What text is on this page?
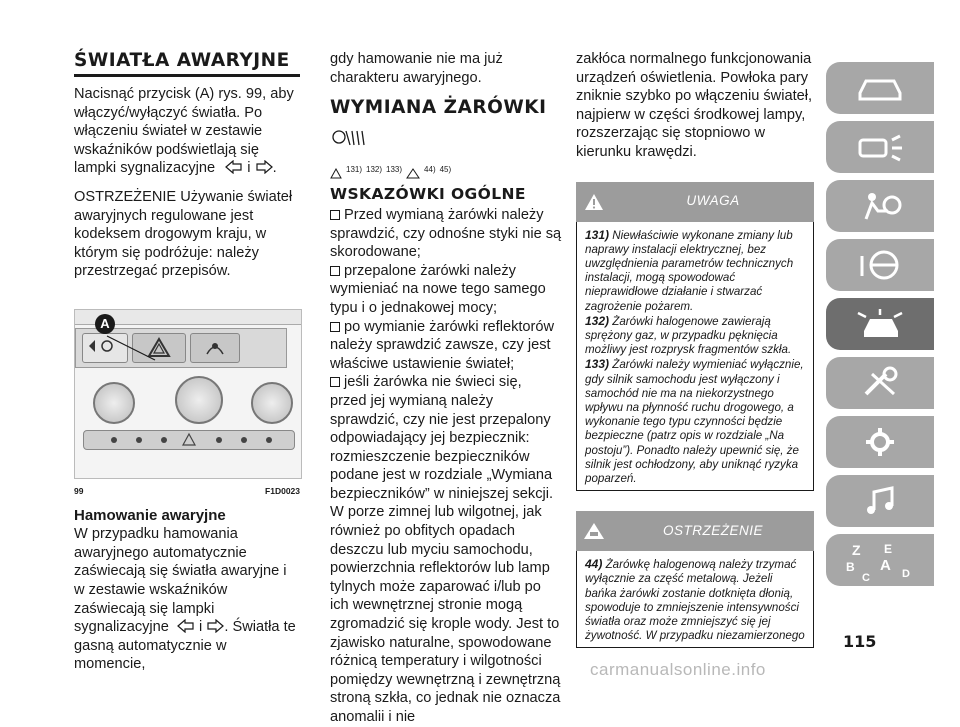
ŚWIATŁA AWARYJNE

Nacisnąć przycisk (A) rys. 99, aby włączyć/wyłączyć światła. Po włączeniu świateł w zestawie wskaźników podświetlają się lampki sygnalizacyjne i .

OSTRZEŻENIE Używanie świateł awaryjnych regulowane jest kodeksem drogowym kraju, w którym się podróżuje: należy przestrzegać przepisów.

A
99	F1D0023
Hamowanie awaryjne

W przypadku hamowania awaryjnego automatycznie zaświecają się światła awaryjne i w zestawie wskaźników zaświecają się lampki sygnalizacyjne i . Światła te gasną automatycznie w momencie,

gdy hamowanie nie ma już charakteru awaryjnego.

WYMIANA ŻARÓWKI
131) 132) 133)	44) 45)
WSKAZÓWKI OGÓLNE

Przed wymianą żarówki należy sprawdzić, czy odnośne styki nie są skorodowane;

przepalone żarówki należy wymieniać na nowe tego samego typu i o jednakowej mocy;

po wymianie żarówki reflektorów należy sprawdzić zawsze, czy jest właściwe ustawienie świateł;

jeśli żarówka nie świeci się, przed jej wymianą należy sprawdzić, czy nie jest przepalony odpowiadający jej bezpiecznik: rozmieszczenie bezpieczników podane jest w rozdziale „Wymiana bezpieczników” w niniejszej sekcji.

W porze zimnej lub wilgotnej, jak również po obfitych opadach deszczu lub myciu samochodu, powierzchnia reflektorów lub lamp tylnych może zaparować i/lub po ich wewnętrznej stronie mogą zgromadzić się krople wody. Jest to zjawisko naturalne, spowodowane różnicą temperatury i wilgotności pomiędzy wewnętrzną i zewnętrzną stroną szkła, co jednak nie oznacza anomalii i nie

zakłóca normalnego funkcjonowania urządzeń oświetlenia. Powłoka pary zniknie szybko po włączeniu świateł, najpierw w części środkowej lampy, rozszerzając się stopniowo w kierunku krawędzi.

UWAGA

131) Niewłaściwie wykonane zmiany lub naprawy instalacji elektrycznej, bez uwzględnienia parametrów technicznych instalacji, mogą spowodować nieprawidłowe działanie i stwarzać zagrożenie pożarem.

132) Żarówki halogenowe zawierają sprężony gaz, w przypadku pęknięcia możliwy jest rozprysk fragmentów szkła.

133) Żarówki należy wymieniać wyłącznie, gdy silnik samochodu jest wyłączony i samochód nie ma na niekorzystnego wpływu na płynność ruchu drogowego, a wykonanie tego typu czynności będzie bezpieczne (patrz opis w rozdziale „Na postoju”). Ponadto należy upewnić się, że silnik jest ochłodzony, aby uniknąć ryzyka poparzeń.

OSTRZEŻENIE

44) Żarówkę halogenową należy trzymać wyłącznie za część metalową. Jeżeli bańka żarówki zostanie dotknięta dłonią, spowoduje to zmniejszenie intensywności światła oraz może zmniejszyć się jej żywotność. W przypadku niezamierzonego

Z E
B A
C	D
115
carmanualsonline.info
